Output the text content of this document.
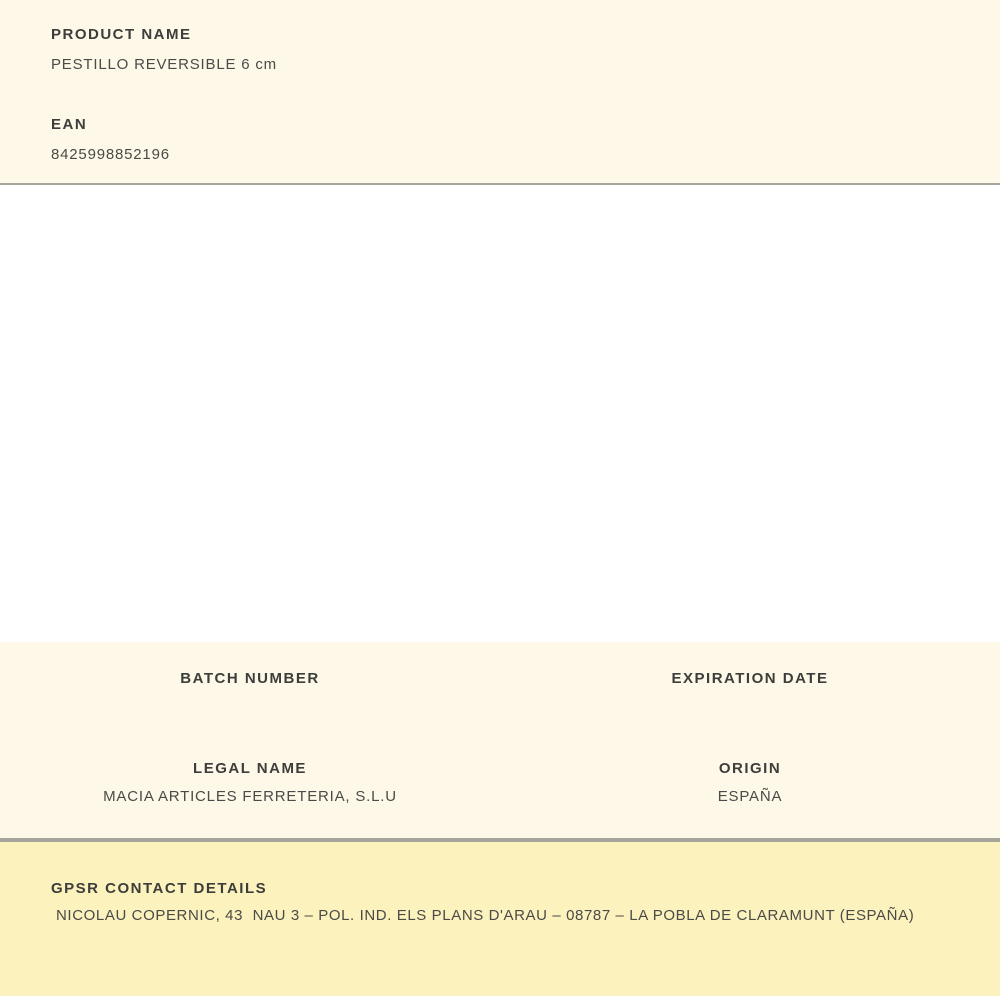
PRODUCT NAME
PESTILLO REVERSIBLE 6 cm
EAN
8425998852196
BATCH NUMBER	EXPIRATION DATE
LEGAL NAME
MACIA ARTICLES FERRETERIA, S.L.U
ORIGIN
ESPAÑA
GPSR CONTACT DETAILS
NICOLAU COPERNIC, 43  NAU 3 – POL. IND. ELS PLANS D'ARAU – 08787 – LA POBLA DE CLARAMUNT (ESPAÑA)
